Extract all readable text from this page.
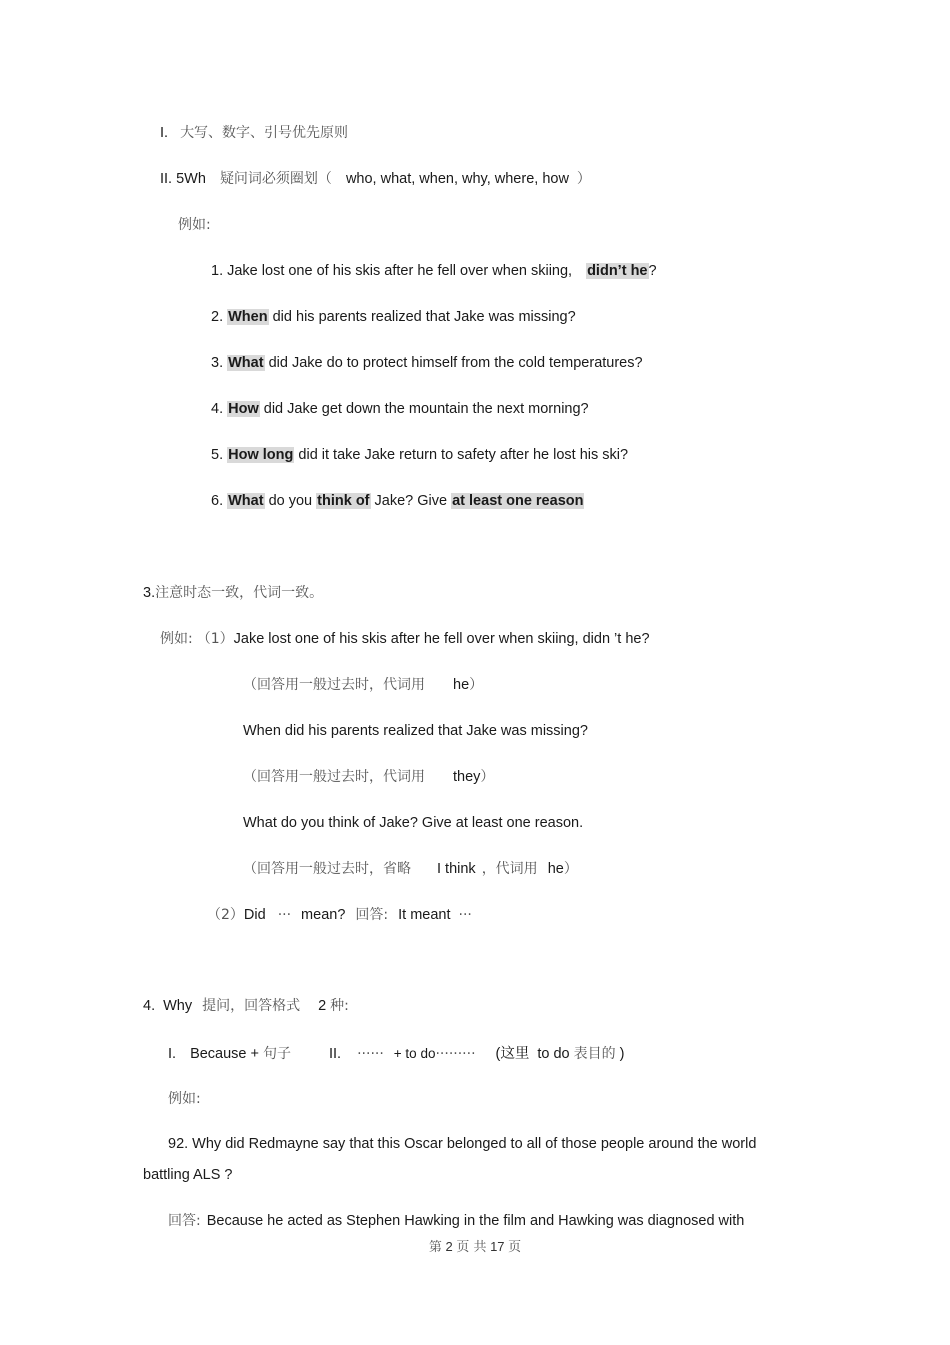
I. 大写、数字、引号优先原则
II. 5Wh 疑问词必须圈划（ who, what, when, why, where, how ）
例如:
1. Jake lost one of his skis after he fell over when skiing, didn’t he?
2. When did his parents realized that Jake was missing?
3. What did Jake do to protect himself from the cold temperatures?
4. How did Jake get down the mountain the next morning?
5. How long did it take Jake return to safety after he lost his ski?
6. What do you think of Jake? Give at least one reason
3.注意时态一致，代词一致。
例如: （1）Jake lost one of his skis after he fell over when skiing, didn ’t he?
（回答用一般过去时，代词用 he）
When did his parents realized that Jake was missing?
（回答用一般过去时，代词用 they）
What do you think of Jake? Give at least one reason.
（回答用一般过去时，省略 I think ，代词用 he）
（2）Did ··· mean? 回答: It meant ···
4. Why 提问，回答格式 2 种:
I. Because + 句子	II. ······ + to do········· (这里 to do 表目的 )
例如:
92. Why did Redmayne say that this Oscar belonged to all of those people around the world
battling ALS ?
回答: Because he acted as Stephen Hawking in the film and Hawking was diagnosed with
第 2 页 共 17 页
